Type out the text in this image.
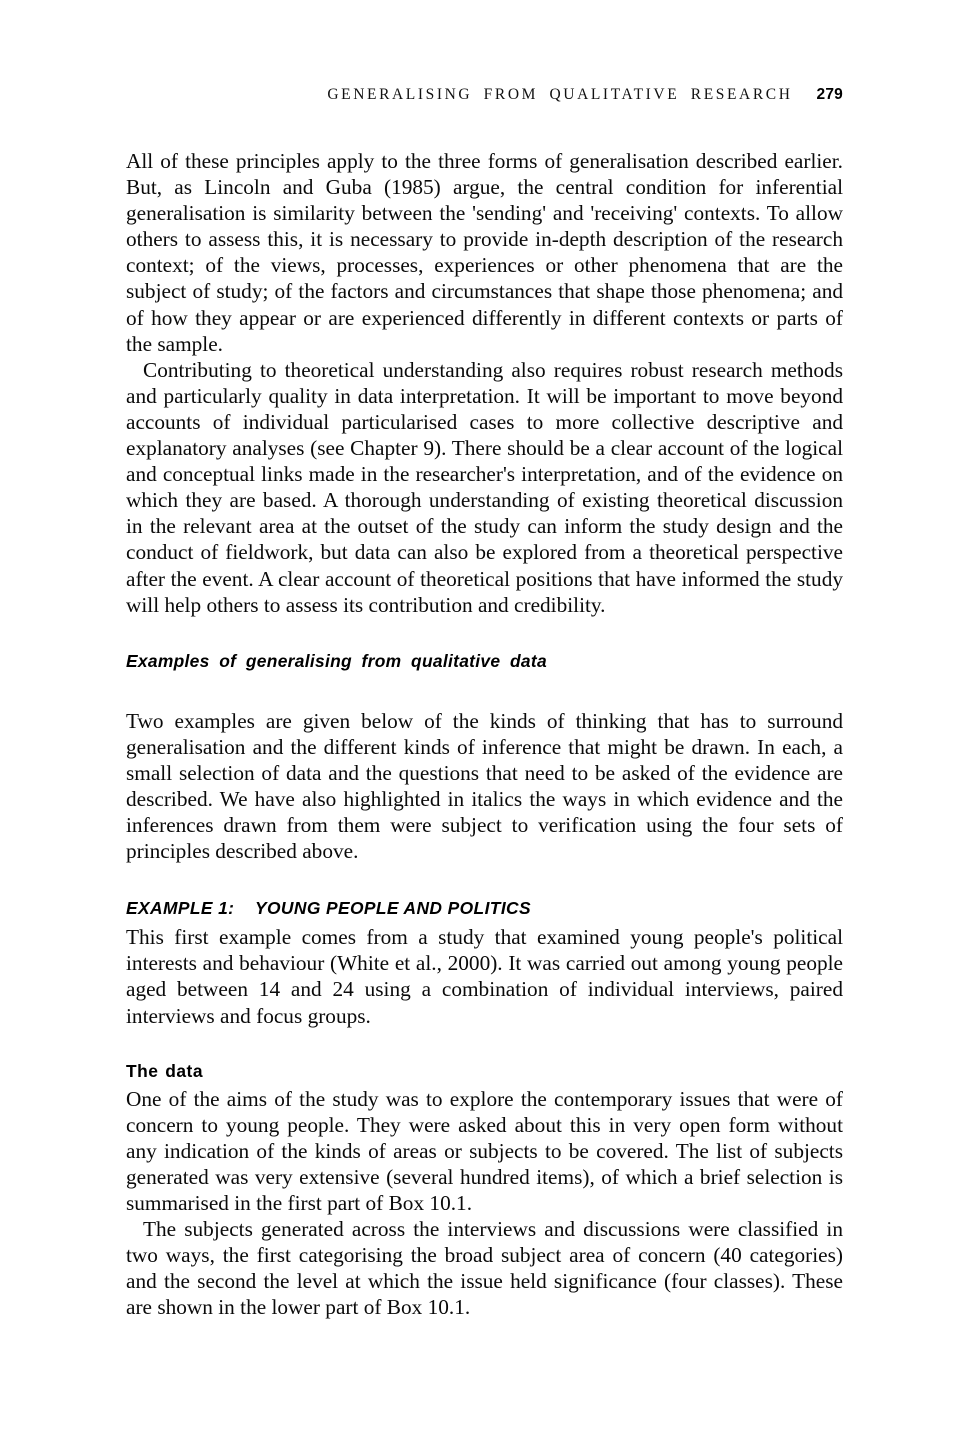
GENERALISING FROM QUALITATIVE RESEARCH 279

All of these principles apply to the three forms of generalisation described earlier. But, as Lincoln and Guba (1985) argue, the central condition for inferential generalisation is similarity between the 'sending' and 'receiving' contexts. To allow others to assess this, it is necessary to provide in-depth description of the research context; of the views, processes, experiences or other phenomena that are the subject of study; of the factors and circumstances that shape those phenomena; and of how they appear or are experienced differently in different contexts or parts of the sample.

Contributing to theoretical understanding also requires robust research methods and particularly quality in data interpretation. It will be important to move beyond accounts of individual particularised cases to more collective descriptive and explanatory analyses (see Chapter 9). There should be a clear account of the logical and conceptual links made in the researcher's interpretation, and of the evidence on which they are based. A thorough understanding of existing theoretical discussion in the relevant area at the outset of the study can inform the study design and the conduct of fieldwork, but data can also be explored from a theoretical perspective after the event. A clear account of theoretical positions that have informed the study will help others to assess its contribution and credibility.

Examples of generalising from qualitative data

Two examples are given below of the kinds of thinking that has to surround generalisation and the different kinds of inference that might be drawn. In each, a small selection of data and the questions that need to be asked of the evidence are described. We have also highlighted in italics the ways in which evidence and the inferences drawn from them were subject to verification using the four sets of principles described above.

EXAMPLE 1:    YOUNG PEOPLE AND POLITICS

This first example comes from a study that examined young people's political interests and behaviour (White et al., 2000). It was carried out among young people aged between 14 and 24 using a combination of individual interviews, paired interviews and focus groups.

The data

One of the aims of the study was to explore the contemporary issues that were of concern to young people. They were asked about this in very open form without any indication of the kinds of areas or subjects to be covered. The list of subjects generated was very extensive (several hundred items), of which a brief selection is summarised in the first part of Box 10.1.

The subjects generated across the interviews and discussions were classified in two ways, the first categorising the broad subject area of concern (40 categories) and the second the level at which the issue held significance (four classes). These are shown in the lower part of Box 10.1.
